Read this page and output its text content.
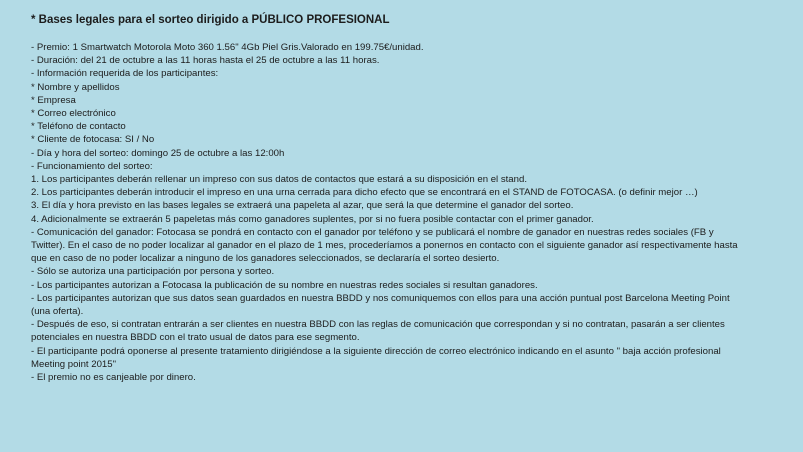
* Bases legales para el sorteo dirigido a PÚBLICO PROFESIONAL
- Premio: 1 Smartwatch Motorola Moto 360 1.56" 4Gb Piel Gris.Valorado en 199.75€/unidad.
- Duración: del 21 de octubre a las 11 horas hasta el 25 de octubre a las 11 horas.
- Información requerida de los participantes:
* Nombre y apellidos
* Empresa
* Correo electrónico
* Teléfono de contacto
* Cliente de fotocasa: SI / No
- Día y hora del sorteo: domingo 25 de octubre a las 12:00h
- Funcionamiento del sorteo:
1. Los participantes deberán rellenar un impreso con sus datos de contactos que estará a su disposición en el stand.
2. Los participantes deberán introducir el impreso en una urna cerrada para dicho efecto que se encontrará en el STAND de FOTOCASA. (o definir mejor …)
3. El día y hora previsto en las bases legales se extraerá una papeleta al azar, que será la que determine el ganador del sorteo.
4. Adicionalmente se extraerán 5 papeletas más como ganadores suplentes, por si no fuera posible contactar con el primer ganador.
- Comunicación del ganador: Fotocasa se pondrá en contacto con el ganador por teléfono y se publicará el nombre de ganador en nuestras redes sociales (FB y
Twitter). En el caso de no poder localizar al ganador en el plazo de 1 mes, procederíamos a ponernos en contacto con el siguiente ganador así respectivamente hasta
que en caso de no poder localizar a ninguno de los ganadores seleccionados, se declararía el sorteo desierto.
- Sólo se autoriza una participación por persona y sorteo.
- Los participantes autorizan a Fotocasa la publicación de su nombre en nuestras redes sociales si resultan ganadores.
- Los participantes autorizan que sus datos sean guardados en nuestra BBDD y nos comuniquemos con ellos para una acción puntual post Barcelona Meeting Point
(una oferta).
- Después de eso, si contratan entrarán a ser clientes en nuestra BBDD con las reglas de comunicación que correspondan y si no contratan, pasarán a ser clientes
potenciales en nuestra BBDD con el trato usual de datos para ese segmento.
- El participante podrá oponerse al presente tratamiento dirigiéndose a la siguiente dirección de correo electrónico indicando en el asunto " baja acción profesional
Meeting point 2015"
- El premio no es canjeable por dinero.
